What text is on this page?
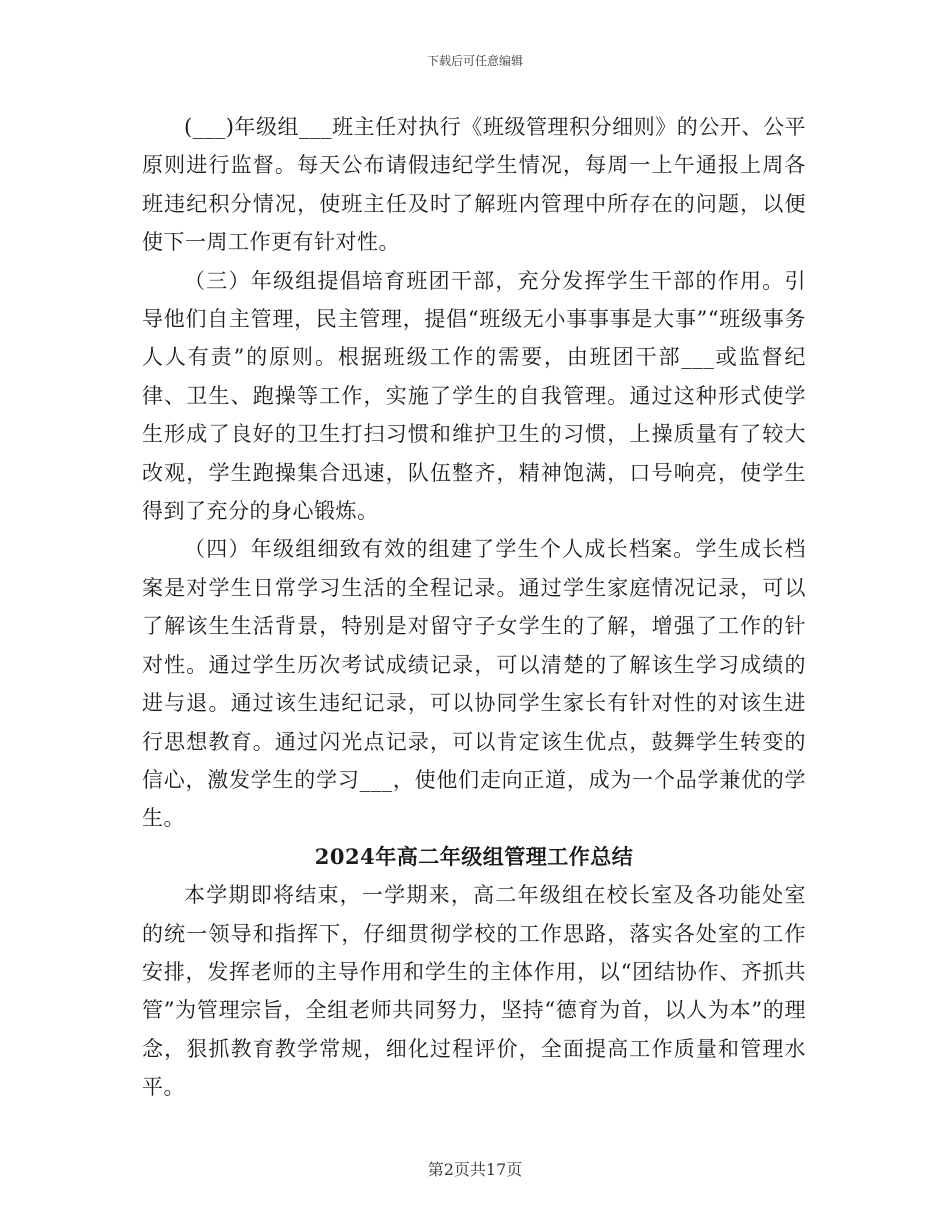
下载后可任意编辑

(___)年级组___班主任对执行《班级管理积分细则》的公开、公平原则进行监督。每天公布请假违纪学生情况，每周一上午通报上周各班违纪积分情况，使班主任及时了解班内管理中所存在的问题，以便使下一周工作更有针对性。

（三）年级组提倡培育班团干部，充分发挥学生干部的作用。引导他们自主管理，民主管理，提倡“班级无小事事事是大事”“班级事务人人有责”的原则。根据班级工作的需要，由班团干部___或监督纪律、卫生、跑操等工作，实施了学生的自我管理。通过这种形式使学生形成了良好的卫生打扫习惯和维护卫生的习惯，上操质量有了较大改观，学生跑操集合迅速，队伍整齐，精神饱满，口号响亮，使学生得到了充分的身心锻炼。

（四）年级组细致有效的组建了学生个人成长档案。学生成长档案是对学生日常学习生活的全程记录。通过学生家庭情况记录，可以了解该生生活背景，特别是对留守子女学生的了解，增强了工作的针对性。通过学生历次考试成绩记录，可以清楚的了解该生学习成绩的进与退。通过该生违纪记录，可以协同学生家长有针对性的对该生进行思想教育。通过闪光点记录，可以肯定该生优点，鼓舞学生转变的信心，激发学生的学习___，使他们走向正道，成为一个品学兼优的学生。

2024年高二年级组管理工作总结

本学期即将结束，一学期来，高二年级组在校长室及各功能处室的统一领导和指挥下，仔细贯彻学校的工作思路，落实各处室的工作安排，发挥老师的主导作用和学生的主体作用，以“团结协作、齐抓共管”为管理宗旨，全组老师共同努力，坚持“德育为首，以人为本”的理念，狠抓教育教学常规，细化过程评价，全面提高工作质量和管理水平。

第2页共17页
